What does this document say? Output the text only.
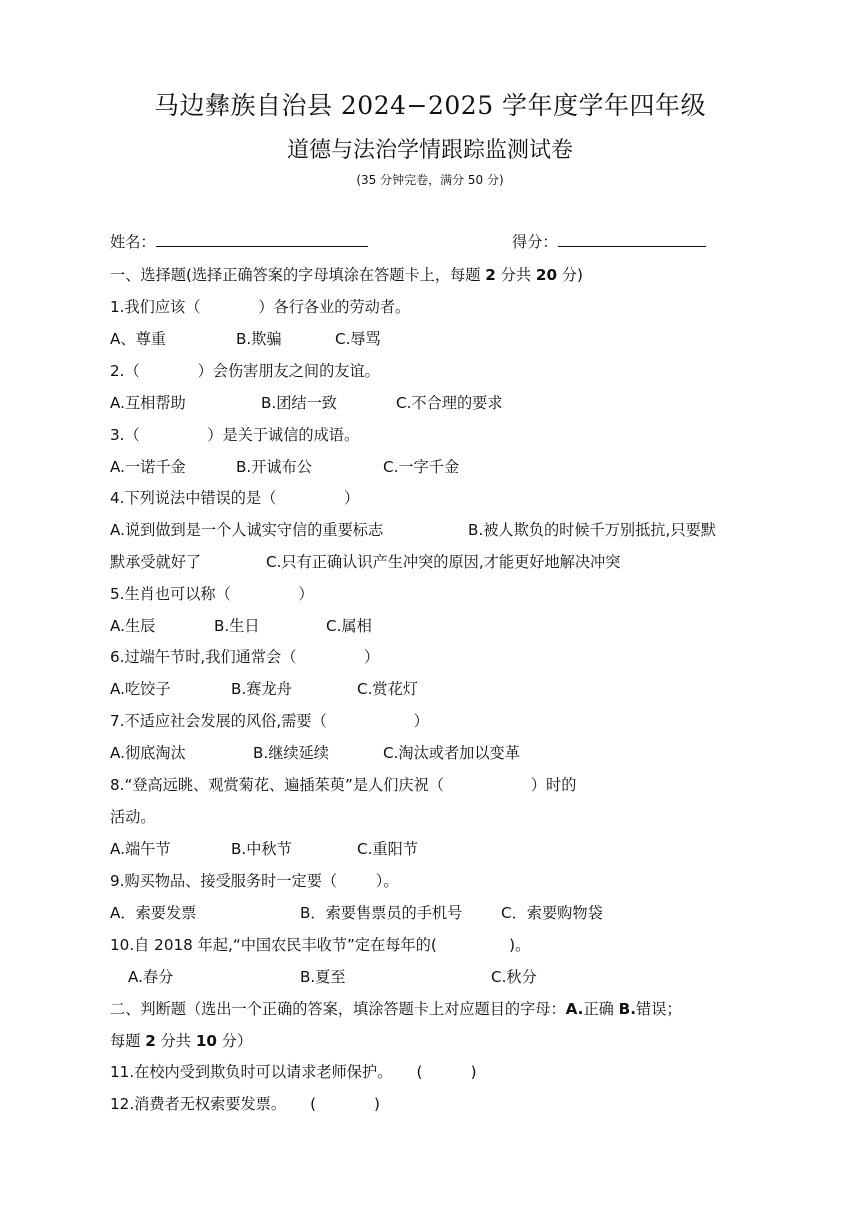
马边彝族自治县 2024−2025 学年度学年四年级
道德与法治学情跟踪监测试卷
(35 分钟完卷，满分 50 分)
姓名：	得分：
一、选择题(选择正确答案的字母填涂在答题卡上，每题 2 分共 20 分)
1.我们应该（            ）各行各业的劳动者。
A、尊重	B.欺骗	C.辱骂
2.（            ）会伤害朋友之间的友谊。
A.互相帮助	B.团结一致	C.不合理的要求
3.（              ）是关于诚信的成语。
A.一诺千金	B.开诚布公	C.一字千金
4.下列说法中错误的是（              ）
A.说到做到是一个人诚实守信的重要标志	B.被人欺负的时候千万别抵抗,只要默
默承受就好了	C.只有正确认识产生冲突的原因,才能更好地解决冲突
5.生肖也可以称（              ）
A.生辰	B.生日	C.属相
6.过端午节时,我们通常会（              ）
A.吃饺子	B.赛龙舟	C.赏花灯
7.不适应社会发展的风俗,需要（                  ）
A.彻底淘汰	B.继续延续	C.淘汰或者加以变革
8.“登高远眺、观赏菊花、遍插茱萸”是人们庆祝（                  ）时的
活动。
A.端午节	B.中秋节	C.重阳节
9.购买物品、接受服务时一定要（        ）。
A．索要发票	B．索要售票员的手机号	C．索要购物袋
10.自 2018 年起,“中国农民丰收节”定在每年的(               )。
A.春分	B.夏至	C.秋分
二、判断题（选出一个正确的答案，填涂答题卡上对应题目的字母：A.正确 B.错误；
每题 2 分共 10 分）
11.在校内受到欺负时可以请求老师保护。     (          )
12.消费者无权索要发票。     (            )
